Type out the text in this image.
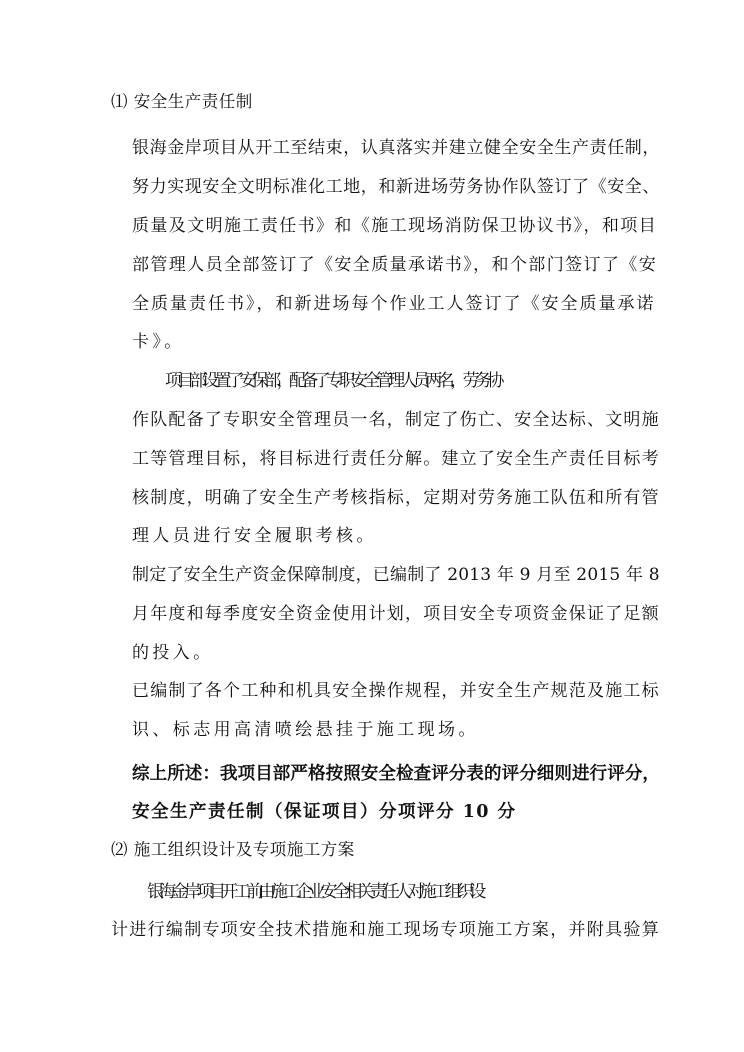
⑴ 安全生产责任制
银海金岸项目从开工至结束，认真落实并建立健全安全生产责任制，
努力实现安全文明标准化工地，和新进场劳务协作队签订了《安全、
质量及文明施工责任书》和《施工现场消防保卫协议书》，和项目
部管理人员全部签订了《安全质量承诺书》，和个部门签订了《安
全质量责任书》，和新进场每个作业工人签订了《安全质量承诺
卡》。
项目部设置了安保部，配备了专职安全管理人员两名，劳务协
作队配备了专职安全管理员一名，制定了伤亡、安全达标、文明施
工等管理目标，将目标进行责任分解。建立了安全生产责任目标考
核制度，明确了安全生产考核指标，定期对劳务施工队伍和所有管
理人员进行安全履职考核。
制定了安全生产资金保障制度，已编制了 2013 年 9 月至 2015 年 8
月年度和每季度安全资金使用计划，项目安全专项资金保证了足额
的投入。
已编制了各个工种和机具安全操作规程，并安全生产规范及施工标
识、标志用高清喷绘悬挂于施工现场。
综上所述：我项目部严格按照安全检查评分表的评分细则进行评分，
安全生产责任制（保证项目）分项评分 10 分
⑵ 施工组织设计及专项施工方案
银海金岸项目开工前由施工企业安全相关责任人对施工组织设
计进行编制专项安全技术措施和施工现场专项施工方案，并附具验算
